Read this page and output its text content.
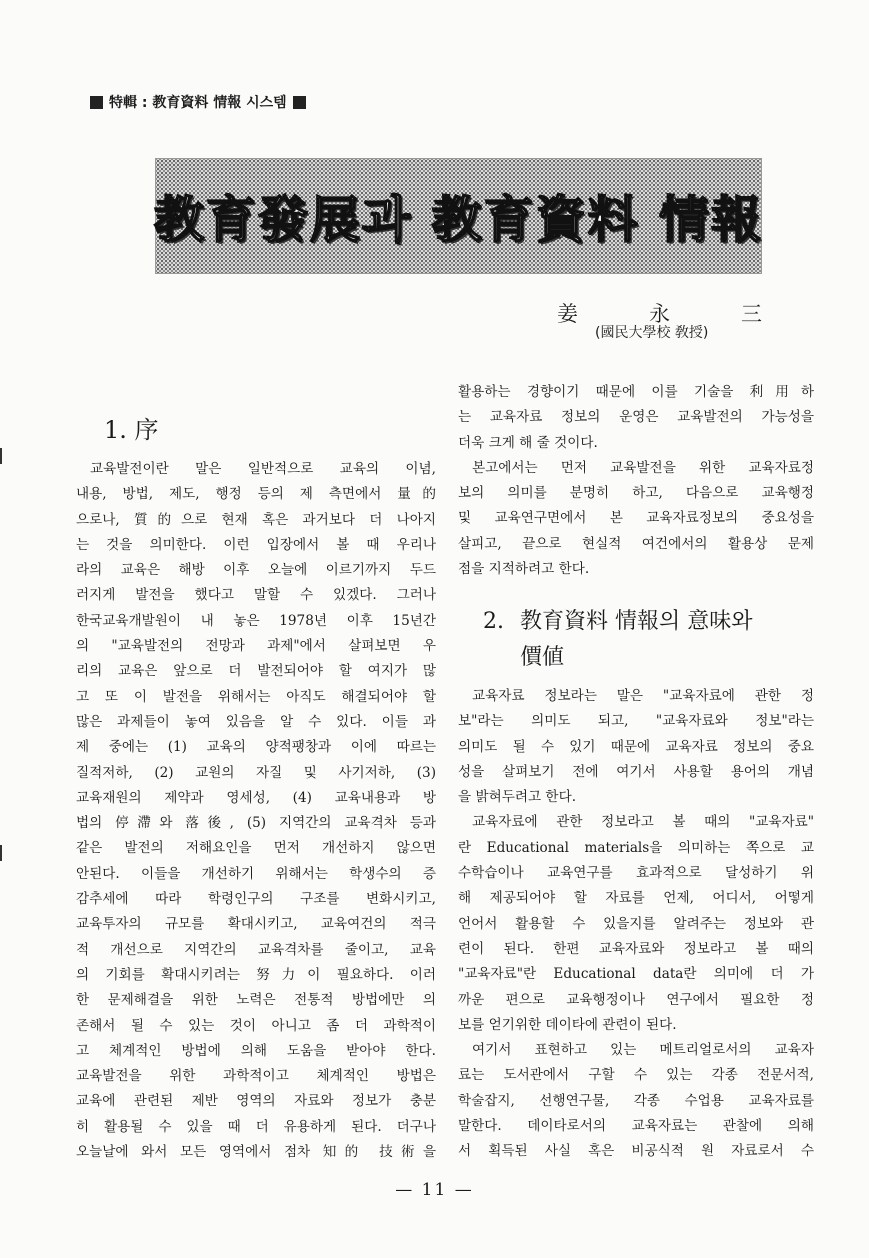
特輯 : 教育資料 情報 시스템
教育發展과 教育資料 情報
姜	永	三
(國民大學校 敎授)
1. 序

교육발전이란 말은 일반적으로 교육의 이념,

내용, 방법, 제도, 행정 등의 제 측면에서 量的

으로나, 質的으로 현재 혹은 과거보다 더 나아지

는 것을 의미한다. 이런 입장에서 볼 때 우리나

라의 교육은 해방 이후 오늘에 이르기까지 두드

러지게 발전을 했다고 말할 수 있겠다. 그러나

한국교육개발원이 내 놓은 1978년 이후 15년간

의 "교육발전의 전망과 과제"에서 살펴보면 우

리의 교육은 앞으로 더 발전되어야 할 여지가 많

고 또 이 발전을 위해서는 아직도 해결되어야 할

많은 과제들이 놓여 있음을 알 수 있다. 이들 과

제 중에는 (1) 교육의 양적팽창과 이에 따르는

질적저하, (2) 교원의 자질 및 사기저하, (3)

교육재원의 제약과 영세성, (4) 교육내용과 방

법의 停滯와 落後, (5) 지역간의 교육격차 등과

같은 발전의 저해요인을 먼저 개선하지 않으면

안된다. 이들을 개선하기 위해서는 학생수의 증

감추세에 따라 학령인구의 구조를 변화시키고,

교육투자의 규모를 확대시키고, 교육여건의 적극

적 개선으로 지역간의 교육격차를 줄이고, 교육

의 기회를 확대시키려는 努力이 필요하다. 이러

한 문제해결을 위한 노력은 전통적 방법에만 의

존해서 될 수 있는 것이 아니고 좀 더 과학적이

고 체계적인 방법에 의해 도움을 받아야 한다.

교육발전을 위한 과학적이고 체계적인 방법은

교육에 관련된 제반 영역의 자료와 정보가 충분

히 활용될 수 있을 때 더 유용하게 된다. 더구나

오늘날에 와서 모든 영역에서 점차 知的 技術을

활용하는 경향이기 때문에 이를 기술을 利用하

는 교육자료 정보의 운영은 교육발전의 가능성을

더욱 크게 해 줄 것이다.

본고에서는 먼저 교육발전을 위한 교육자료정

보의 의미를 분명히 하고, 다음으로 교육행정

및 교육연구면에서 본 교육자료정보의 중요성을

살피고, 끝으로 현실적 여건에서의 활용상 문제

점을 지적하려고 한다.

2. 教育資料 情報의 意味와
價値

교육자료 정보라는 말은 "교육자료에 관한 정

보"라는 의미도 되고, "교육자료와 정보"라는

의미도 될 수 있기 때문에 교육자료 정보의 중요

성을 살펴보기 전에 여기서 사용할 용어의 개념

을 밝혀두려고 한다.

교육자료에 관한 정보라고 볼 때의 "교육자료"

란 Educational materials을 의미하는 쪽으로 교

수학습이나 교육연구를 효과적으로 달성하기 위

해 제공되어야 할 자료를 언제, 어디서, 어떻게

언어서 활용할 수 있을지를 알려주는 정보와 관

련이 된다. 한편 교육자료와 정보라고 볼 때의

"교육자료"란 Educational data란 의미에 더 가

까운 편으로 교육행정이나 연구에서 필요한 정

보를 얻기위한 데이타에 관련이 된다.

여기서 표현하고 있는 메트리얼로서의 교육자

료는 도서관에서 구할 수 있는 각종 전문서적,

학술잡지, 선행연구물, 각종 수업용 교육자료를

말한다. 데이타로서의 교육자료는 관찰에 의해

서 획득된 사실 혹은 비공식적 원 자료로서 수

— 11 —
